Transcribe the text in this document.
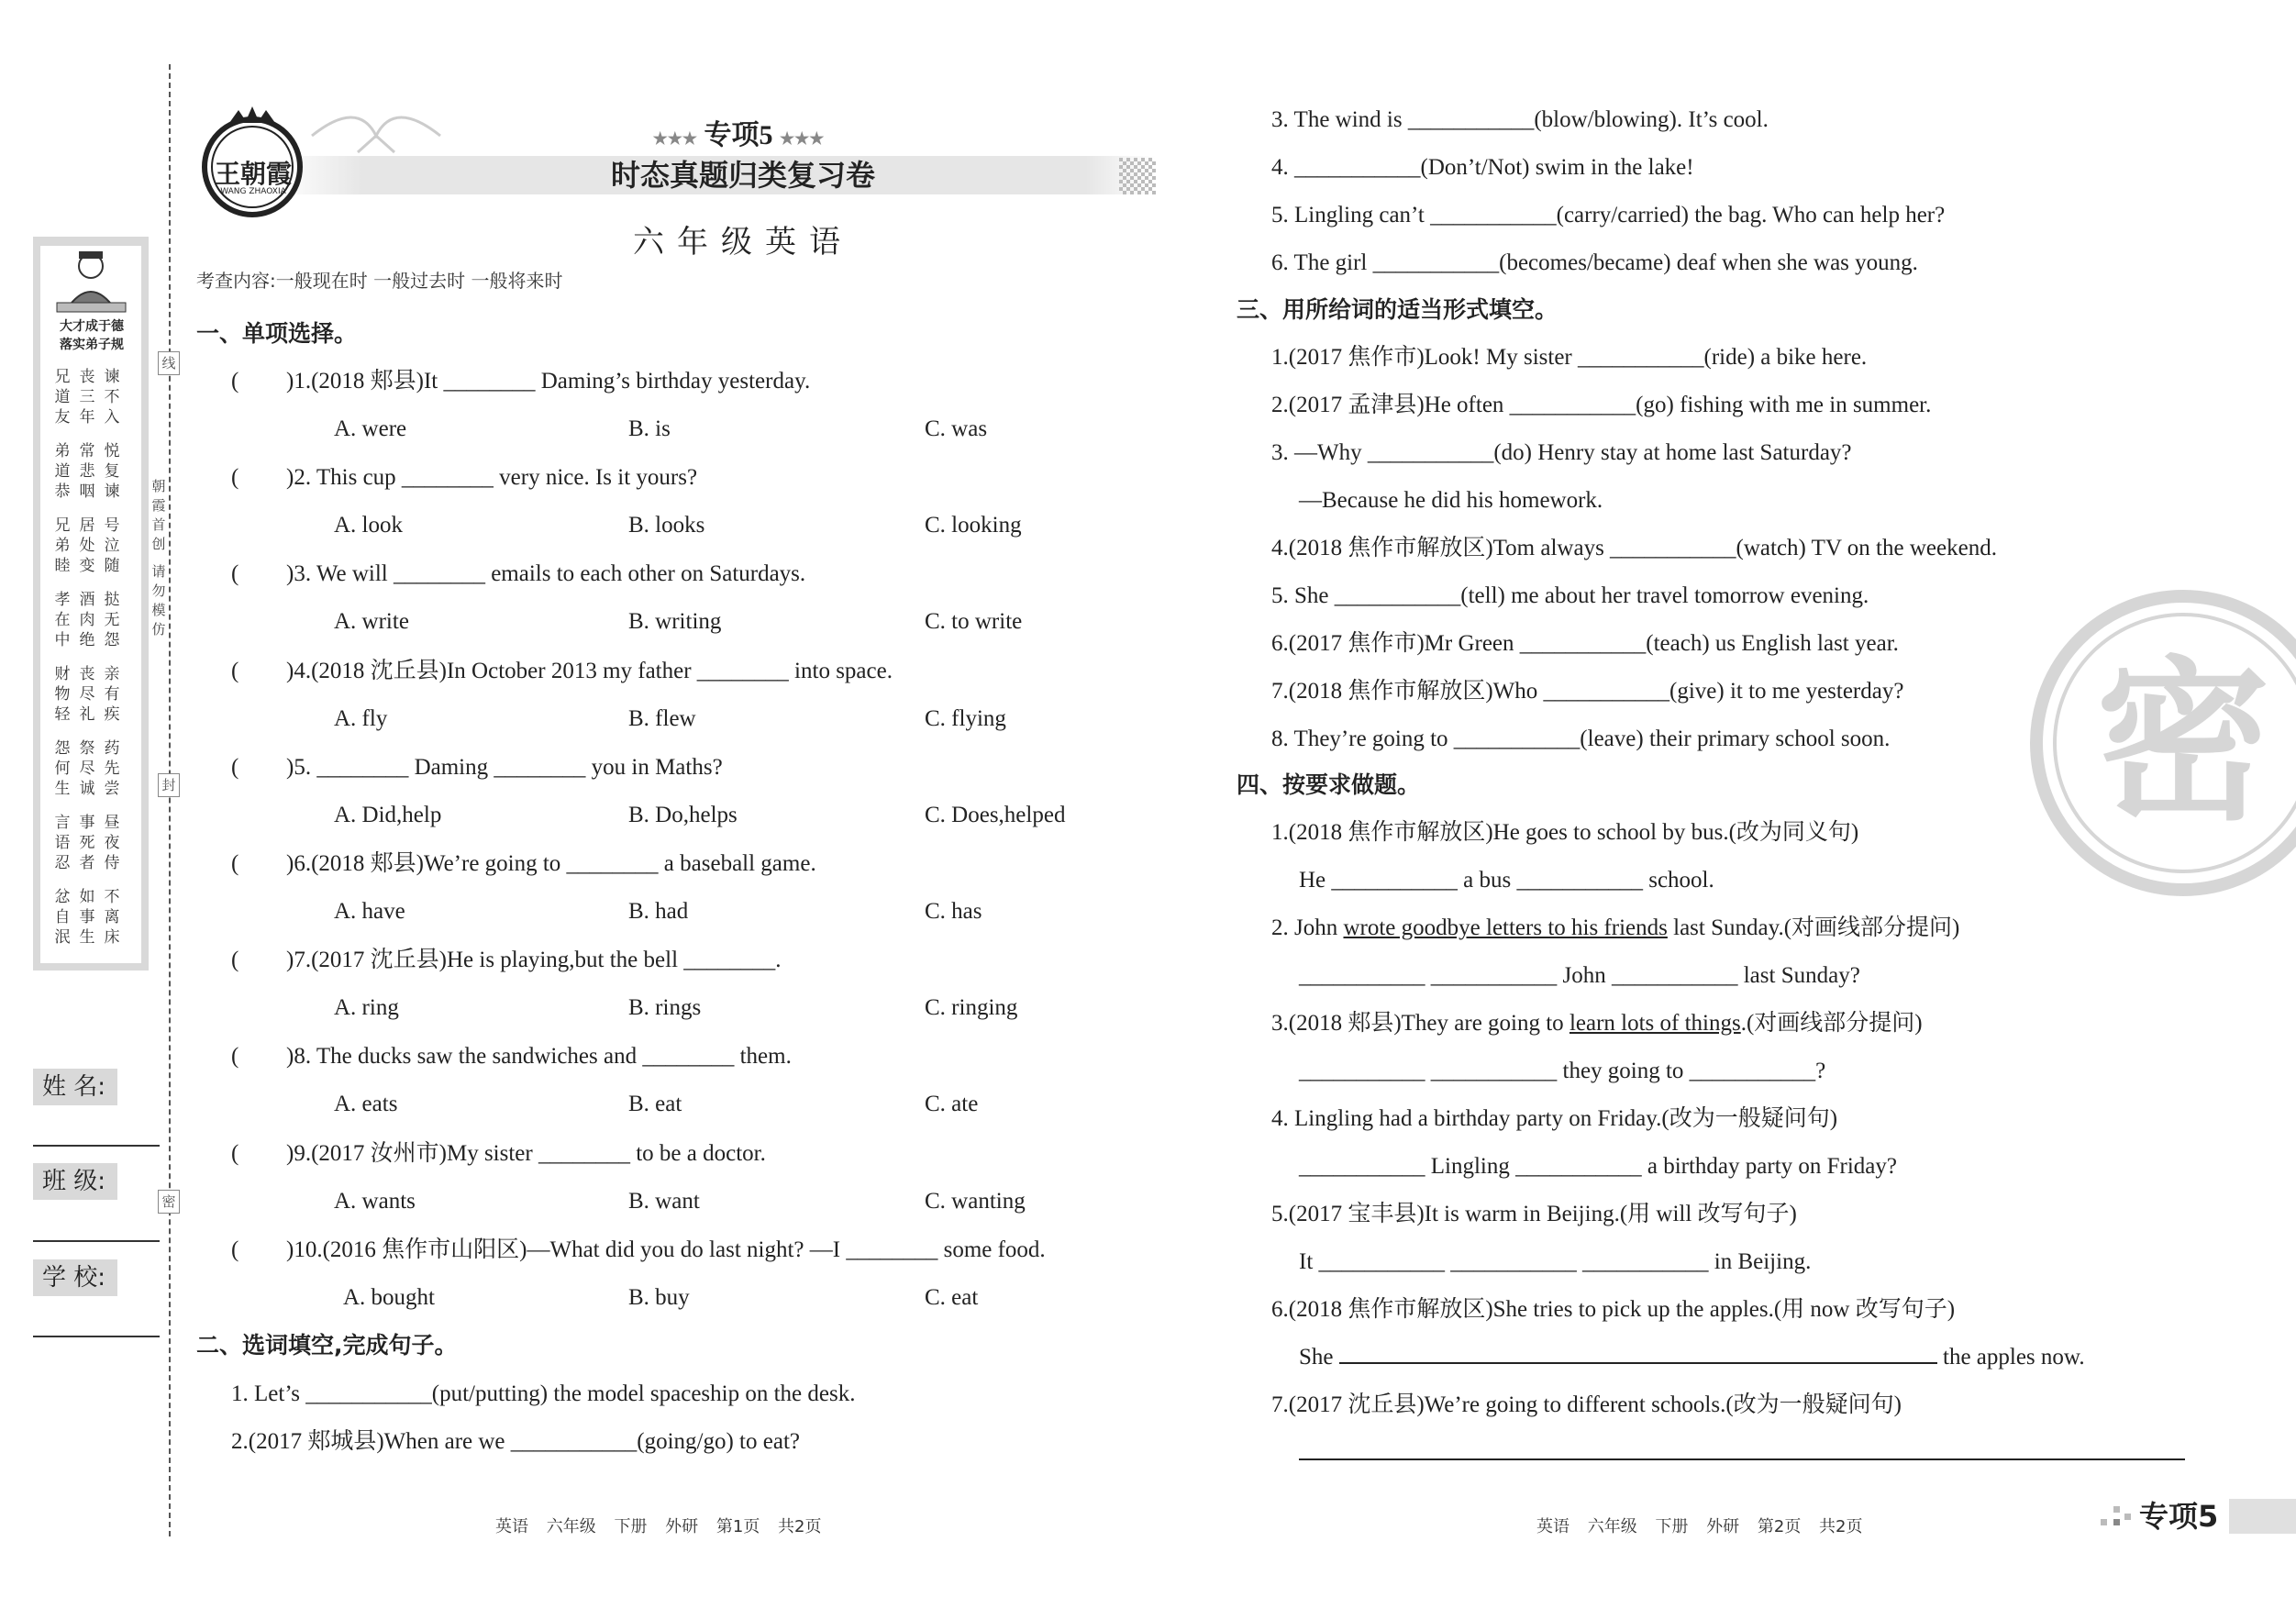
大才成于德
落实弟子规
兄丧谏
道三不
友年入
弟常悦
道悲复
恭咽谏
兄居号
弟处泣
睦变随
孝酒挞
在肉无
中绝怨
财丧亲
物尽有
轻礼疾
怨祭药
何尽先
生诚尝
言事昼
语死夜
忍者侍
忿如不
自事离
泯生床
线
封
密
朝
霞
首
创
请
勿
模
仿
姓 名:
班 级:
学 校:
王朝霞
WANG ZHAOXIA
★★★ 专项5 ★★★
时态真题归类复习卷
六年级英语
考查内容:一般现在时 一般过去时 一般将来时
一、单项选择。
( )1.(2018 郏县)It ________ Daming’s birthday yesterday.
A. were	B. is	C. was
( )2. This cup ________ very nice. Is it yours?
A. look	B. looks	C. looking
( )3. We will ________ emails to each other on Saturdays.
A. write	B. writing	C. to write
( )4.(2018 沈丘县)In October 2013 my father ________ into space.
A. fly	B. flew	C. flying
( )5. ________ Daming ________ you in Maths?
A. Did,help	B. Do,helps	C. Does,helped
( )6.(2018 郏县)We’re going to ________ a baseball game.
A. have	B. had	C. has
( )7.(2017 沈丘县)He is playing,but the bell ________.
A. ring	B. rings	C. ringing
( )8. The ducks saw the sandwiches and ________ them.
A. eats	B. eat	C. ate
( )9.(2017 汝州市)My sister ________ to be a doctor.
A. wants	B. want	C. wanting
( )10.(2016 焦作市山阳区)—What did you do last night? —I ________ some food.
A. bought	B. buy	C. eat
二、选词填空,完成句子。
1. Let’s ___________(put/putting) the model spaceship on the desk.
2.(2017 郏城县)When are we ___________(going/go) to eat?
3. The wind is ___________(blow/blowing). It’s cool.
4. ___________(Don’t/Not) swim in the lake!
5. Lingling can’t ___________(carry/carried) the bag. Who can help her?
6. The girl ___________(becomes/became) deaf when she was young.
三、用所给词的适当形式填空。
1.(2017 焦作市)Look! My sister ___________(ride) a bike here.
2.(2017 孟津县)He often ___________(go) fishing with me in summer.
3. —Why ___________(do) Henry stay at home last Saturday?
—Because he did his homework.
4.(2018 焦作市解放区)Tom always ___________(watch) TV on the weekend.
5. She ___________(tell) me about her travel tomorrow evening.
6.(2017 焦作市)Mr Green ___________(teach) us English last year.
7.(2018 焦作市解放区)Who ___________(give) it to me yesterday?
8. They’re going to ___________(leave) their primary school soon.
四、按要求做题。
1.(2018 焦作市解放区)He goes to school by bus.(改为同义句)
He ___________ a bus ___________ school.
2. John wrote goodbye letters to his friends last Sunday.(对画线部分提问)
___________ ___________ John ___________ last Sunday?
3.(2018 郏县)They are going to learn lots of things.(对画线部分提问)
___________ ___________ they going to ___________?
4. Lingling had a birthday party on Friday.(改为一般疑问句)
___________ Lingling ___________ a birthday party on Friday?
5.(2017 宝丰县)It is warm in Beijing.(用 will 改写句子)
It ___________ ___________ ___________ in Beijing.
6.(2018 焦作市解放区)She tries to pick up the apples.(用 now 改写句子)
She	the apples now.
7.(2017 沈丘县)We’re going to different schools.(改为一般疑问句)
密
英语 六年级 下册 外研 第1页 共2页	英语 六年级 下册 外研 第2页 共2页	专项5
